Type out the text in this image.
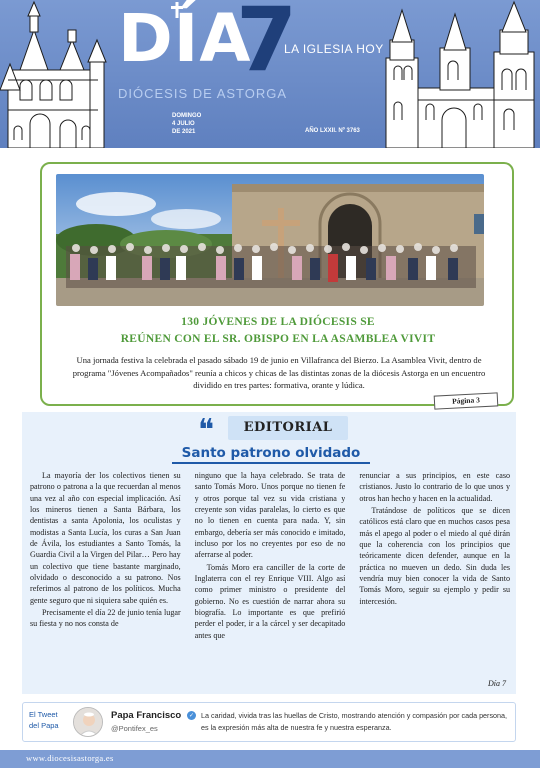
DÍA
7
LA IGLESIA HOY
DIÓCESIS DE ASTORGA
DOMINGO
4 JULIO
DE 2021	AÑO LXXII. Nº 3763
130 JÓVENES DE LA DIÓCESIS SE
REÚNEN CON EL SR. OBISPO EN LA ASAMBLEA VIVIT

Una jornada festiva la celebrada el pasado sábado 19 de junio en Villafranca del Bierzo. La Asamblea Vivit, dentro de programa "Jóvenes Acompañados" reunía a chicos y chicas de las distintas zonas de la diócesis Astorga en un encuentro dividido en tres partes: formativa, orante y lúdica.

Página 3
❝	EDITORIAL
Santo patrono olvidado

La mayoría der los colectivos tienen su patrono o patrona a la que recuerdan al menos una vez al año con especial implicación. Así los mineros tienen a Santa Bárbara, los dentistas a santa Apolonia, los oculistas y modistas a Santa Lucía, los curas a San Juan de Ávila, los estudiantes a Santo Tomás, la Guardia Civil a la Virgen del Pilar… Pero hay un colectivo que tiene bastante marginado, olvidado o desconocido a su patrono. Nos referimos al patrono de los políticos. Mucha gente seguro que ni siquiera sabe quién es.

Precisamente el día 22 de junio tenía lugar su fiesta y no nos consta de

ninguno que la haya celebrado. Se trata de santo Tomás Moro. Unos porque no tienen fe y otros porque tal vez su vida cristiana y creyente son vidas paralelas, lo cierto es que no lo tienen en cuenta para nada. Y, sin embargo, debería ser más conocido e imitado, incluso por los no creyentes por eso de no aferrarse al poder.

Tomás Moro era canciller de la corte de Inglaterra con el rey Enrique VIII. Algo así como primer ministro o presidente del gobierno. No es cuestión de narrar ahora su biografía. Lo importante es que prefirió perder el poder, ir a la cárcel y ser decapitado antes que

renunciar a sus principios, en este caso cristianos. Justo lo contrario de lo que unos y otros han hecho y hacen en la actualidad.

Tratándose de políticos que se dicen católicos está claro que en muchos casos pesa más el apego al poder o el miedo al qué dirán que la coherencia con los principios que teóricamente dicen defender, aunque en la práctica no mueven un dedo. Sin duda les vendría muy bien conocer la vida de Santo Tomás Moro, seguir su ejemplo y pedir su intercesión.

Día 7
El Tweet
del Papa
Papa Francisco	✓
@Pontifex_es

La caridad, vivida tras las huellas de Cristo, mostrando atención y compasión por cada persona, es la expresión más alta de nuestra fe y nuestra esperanza.

www.diocesisastorga.es
